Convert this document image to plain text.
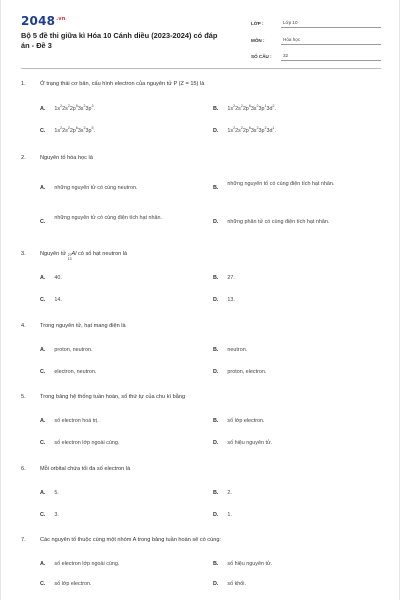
$2048^{.vn}$
Bộ 5 đề thi giữa kì Hóa 10 Cánh diều (2023-2024) có đáp án - Đề 3
LỚP :	Lớp 10
MÔN :	Hóa học
SỐ CÂU :	32
1.	Ở trạng thái cơ bản, cấu hình electron của nguyên tử P (Z = 15) là
A. $1s^22s^22p^63s^23p^3$.	B. $1s^22s^22p^63s^23p^13d^2$.
C. $1s^22s^22p^63s^23p^5$.	D. $1s^22s^22p^63s^23p^23d^1$.
2.	Nguyên tố hóa học là
A. những nguyên tử có cùng neutron.	B.
những nguyên tố có cùng điện tích hạt nhân.
C.
những nguyên tử có cùng điện tích hạt nhân.
D. những phân tử có cùng điện tích hạt nhân.
3.	Nguyên tử 27
13
Al có số hạt neutron là
A. 40.	B. 27.
C. 14.	D. 13.
4.	Trong nguyên tử, hạt mang điện là
A. proton, neutron.	B. neutron.
C. electron, neutron.	D. proton, electron.
5.	Trong bảng hệ thống tuần hoàn, số thứ tự của chu kì bằng
A. số electron hoá trị.	B. số lớp electron.
C. số electron lớp ngoài cùng.	D. số hiệu nguyên tử.
6.	Mỗi orbital chứa tối đa số electron là
A. 5.	B. 2.
C. 3.	D. 1.
7.	Các nguyên tố thuộc cùng một nhóm A trong bảng tuần hoàn sẽ có cùng:
A. số electron lớp ngoài cùng.	B. số hiệu nguyên tử.
C. số lớp electron.	D. số khối.
